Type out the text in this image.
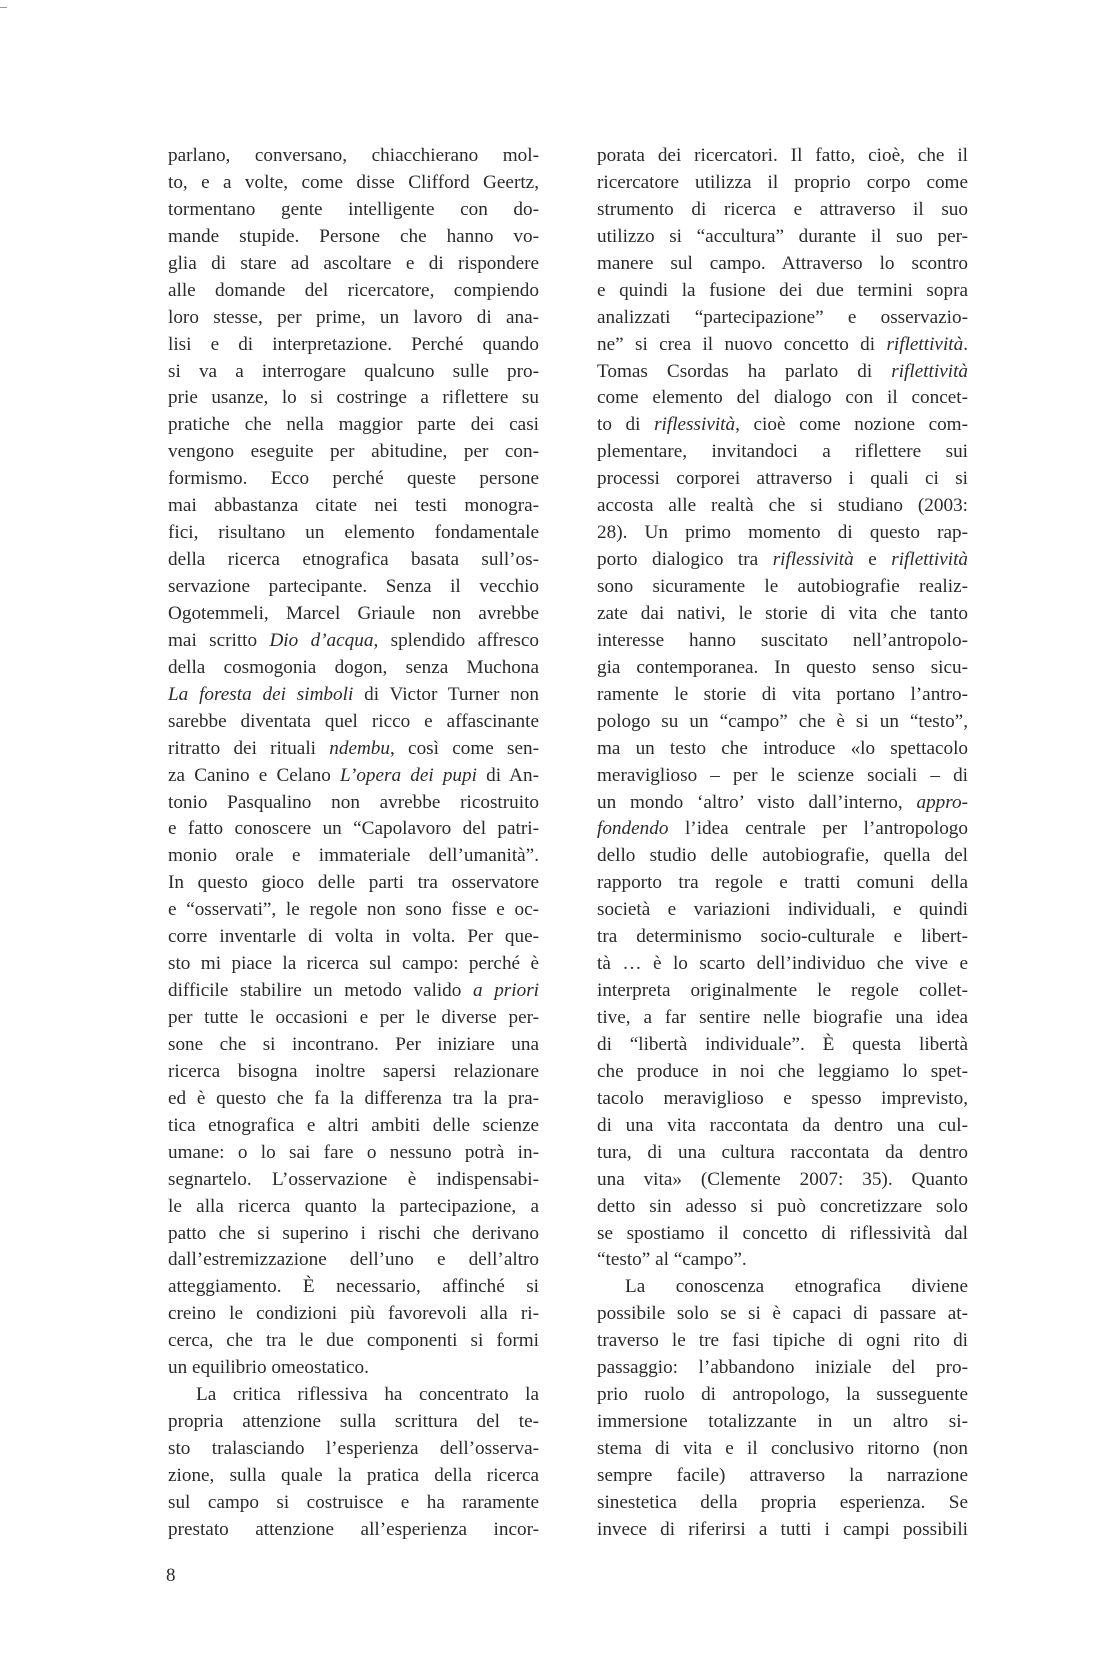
parlano, conversano, chiacchierano mol-
to, e a volte, come disse Clifford Geertz,
tormentano gente intelligente con do-
mande stupide. Persone che hanno vo-
glia di stare ad ascoltare e di rispondere
alle domande del ricercatore, compiendo
loro stesse, per prime, un lavoro di ana-
lisi e di interpretazione. Perché quando
si va a interrogare qualcuno sulle pro-
prie usanze, lo si costringe a riflettere su
pratiche che nella maggior parte dei casi
vengono eseguite per abitudine, per con-
formismo. Ecco perché queste persone
mai abbastanza citate nei testi monogra-
fici, risultano un elemento fondamentale
della ricerca etnografica basata sull’os-
servazione partecipante. Senza il vecchio
Ogotemmeli, Marcel Griaule non avrebbe
mai scritto Dio d’acqua, splendido affresco
della cosmogonia dogon, senza Muchona
La foresta dei simboli di Victor Turner non
sarebbe diventata quel ricco e affascinante
ritratto dei rituali ndembu, così come sen-
za Canino e Celano L’opera dei pupi di An-
tonio Pasqualino non avrebbe ricostruito
e fatto conoscere un “Capolavoro del patri-
monio orale e immateriale dell’umanità”.
In questo gioco delle parti tra osservatore
e “osservati”, le regole non sono fisse e oc-
corre inventarle di volta in volta. Per que-
sto mi piace la ricerca sul campo: perché è
difficile stabilire un metodo valido a priori
per tutte le occasioni e per le diverse per-
sone che si incontrano. Per iniziare una
ricerca bisogna inoltre sapersi relazionare
ed è questo che fa la differenza tra la pra-
tica etnografica e altri ambiti delle scienze
umane: o lo sai fare o nessuno potrà in-
segnartelo. L’osservazione è indispensabi-
le alla ricerca quanto la partecipazione, a
patto che si superino i rischi che derivano
dall’estremizzazione dell’uno e dell’altro
atteggiamento. È necessario, affinché si
creino le condizioni più favorevoli alla ri-
cerca, che tra le due componenti si formi
un equilibrio omeostatico.
La critica riflessiva ha concentrato la
propria attenzione sulla scrittura del te-
sto tralasciando l’esperienza dell’osserva-
zione, sulla quale la pratica della ricerca
sul campo si costruisce e ha raramente
prestato attenzione all’esperienza incor-
porata dei ricercatori. Il fatto, cioè, che il
ricercatore utilizza il proprio corpo come
strumento di ricerca e attraverso il suo
utilizzo si “acculturа” durante il suo per-
manere sul campo. Attraverso lo scontro
e quindi la fusione dei due termini sopra
analizzati “partecipazione” e osservazio-
ne” si crea il nuovo concetto di riflettività.
Tomas Csordas ha parlato di riflettività
come elemento del dialogo con il concet-
to di riflessività, cioè come nozione com-
plementare, invitandoci a riflettere sui
processi corporei attraverso i quali ci si
accosta alle realtà che si studiano (2003:
28). Un primo momento di questo rap-
porto dialogico tra riflessività e riflettività
sono sicuramente le autobiografie realiz-
zate dai nativi, le storie di vita che tanto
interesse hanno suscitato nell’antropolo-
gia contemporanea. In questo senso sicu-
ramente le storie di vita portano l’antro-
pologo su un “campo” che è si un “testo”,
ma un testo che introduce «lo spettacolo
meraviglioso – per le scienze sociali – di
un mondo ‘altro’ visto dall’interno, appro-
fondendo l’idea centrale per l’antropologo
dello studio delle autobiografie, quella del
rapporto tra regole e tratti comuni della
società e variazioni individuali, e quindi
tra determinismo socio-culturale e libert-
tà … è lo scarto dell’individuo che vive e
interpreta originalmente le regole collet-
tive, a far sentire nelle biografie una idea
di “libertà individuale”. È questa libertà
che produce in noi che leggiamo lo spet-
tacolo meraviglioso e spesso imprevisto,
di una vita raccontata da dentro una cul-
tura, di una cultura raccontata da dentro
una vita» (Clemente 2007: 35). Quanto
detto sin adesso si può concretizzare solo
se spostiamo il concetto di riflessività dal
“testo” al “campo”.
La conoscenza etnografica diviene
possibile solo se si è capaci di passare at-
traverso le tre fasi tipiche di ogni rito di
passaggio: l’abbandono iniziale del pro-
prio ruolo di antropologo, la susseguente
immersione totalizzante in un altro si-
stema di vita e il conclusivo ritorno (non
sempre facile) attraverso la narrazione
sinestetica della propria esperienza. Se
invece di riferirsi a tutti i campi possibili
8
